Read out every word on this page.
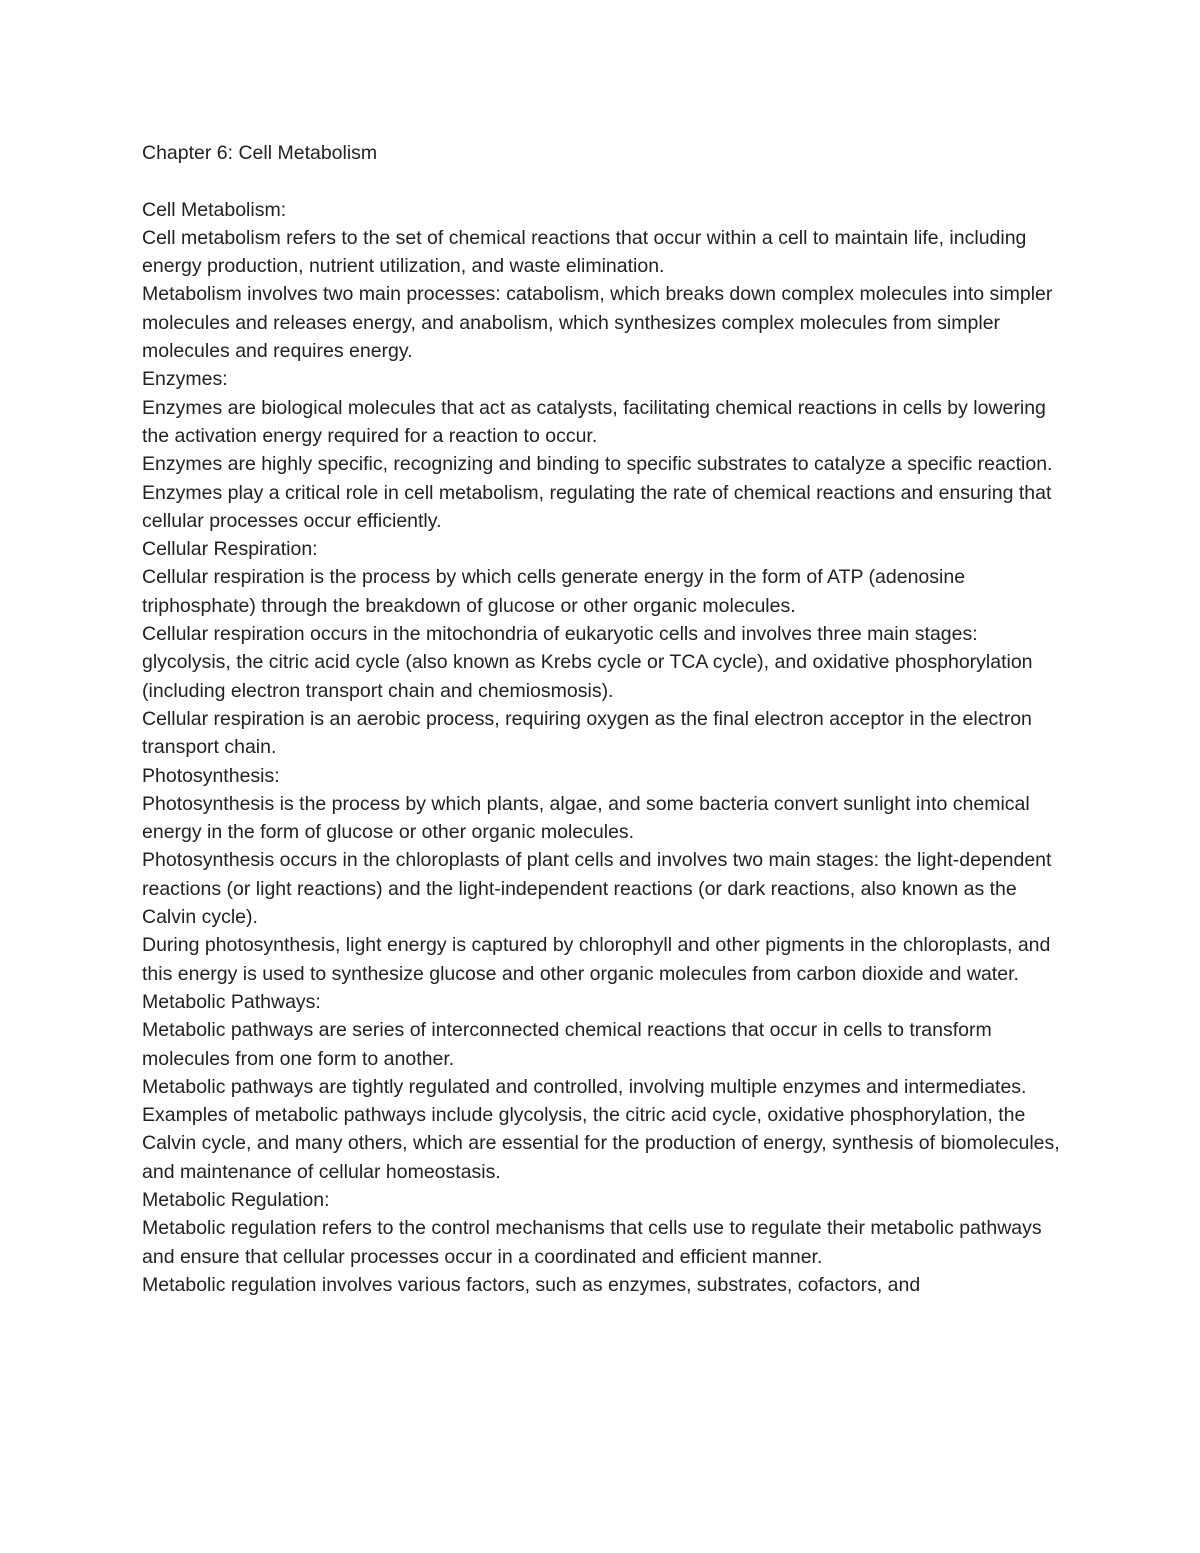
Chapter 6: Cell Metabolism

Cell Metabolism:

Cell metabolism refers to the set of chemical reactions that occur within a cell to maintain life, including energy production, nutrient utilization, and waste elimination.

Metabolism involves two main processes: catabolism, which breaks down complex molecules into simpler molecules and releases energy, and anabolism, which synthesizes complex molecules from simpler molecules and requires energy.

Enzymes:

Enzymes are biological molecules that act as catalysts, facilitating chemical reactions in cells by lowering the activation energy required for a reaction to occur.

Enzymes are highly specific, recognizing and binding to specific substrates to catalyze a specific reaction.

Enzymes play a critical role in cell metabolism, regulating the rate of chemical reactions and ensuring that cellular processes occur efficiently.

Cellular Respiration:

Cellular respiration is the process by which cells generate energy in the form of ATP (adenosine triphosphate) through the breakdown of glucose or other organic molecules.

Cellular respiration occurs in the mitochondria of eukaryotic cells and involves three main stages: glycolysis, the citric acid cycle (also known as Krebs cycle or TCA cycle), and oxidative phosphorylation (including electron transport chain and chemiosmosis).

Cellular respiration is an aerobic process, requiring oxygen as the final electron acceptor in the electron transport chain.

Photosynthesis:

Photosynthesis is the process by which plants, algae, and some bacteria convert sunlight into chemical energy in the form of glucose or other organic molecules.

Photosynthesis occurs in the chloroplasts of plant cells and involves two main stages: the light-dependent reactions (or light reactions) and the light-independent reactions (or dark reactions, also known as the Calvin cycle).

During photosynthesis, light energy is captured by chlorophyll and other pigments in the chloroplasts, and this energy is used to synthesize glucose and other organic molecules from carbon dioxide and water.

Metabolic Pathways:

Metabolic pathways are series of interconnected chemical reactions that occur in cells to transform molecules from one form to another.

Metabolic pathways are tightly regulated and controlled, involving multiple enzymes and intermediates.

Examples of metabolic pathways include glycolysis, the citric acid cycle, oxidative phosphorylation, the Calvin cycle, and many others, which are essential for the production of energy, synthesis of biomolecules, and maintenance of cellular homeostasis.

Metabolic Regulation:

Metabolic regulation refers to the control mechanisms that cells use to regulate their metabolic pathways and ensure that cellular processes occur in a coordinated and efficient manner.

Metabolic regulation involves various factors, such as enzymes, substrates, cofactors, and
